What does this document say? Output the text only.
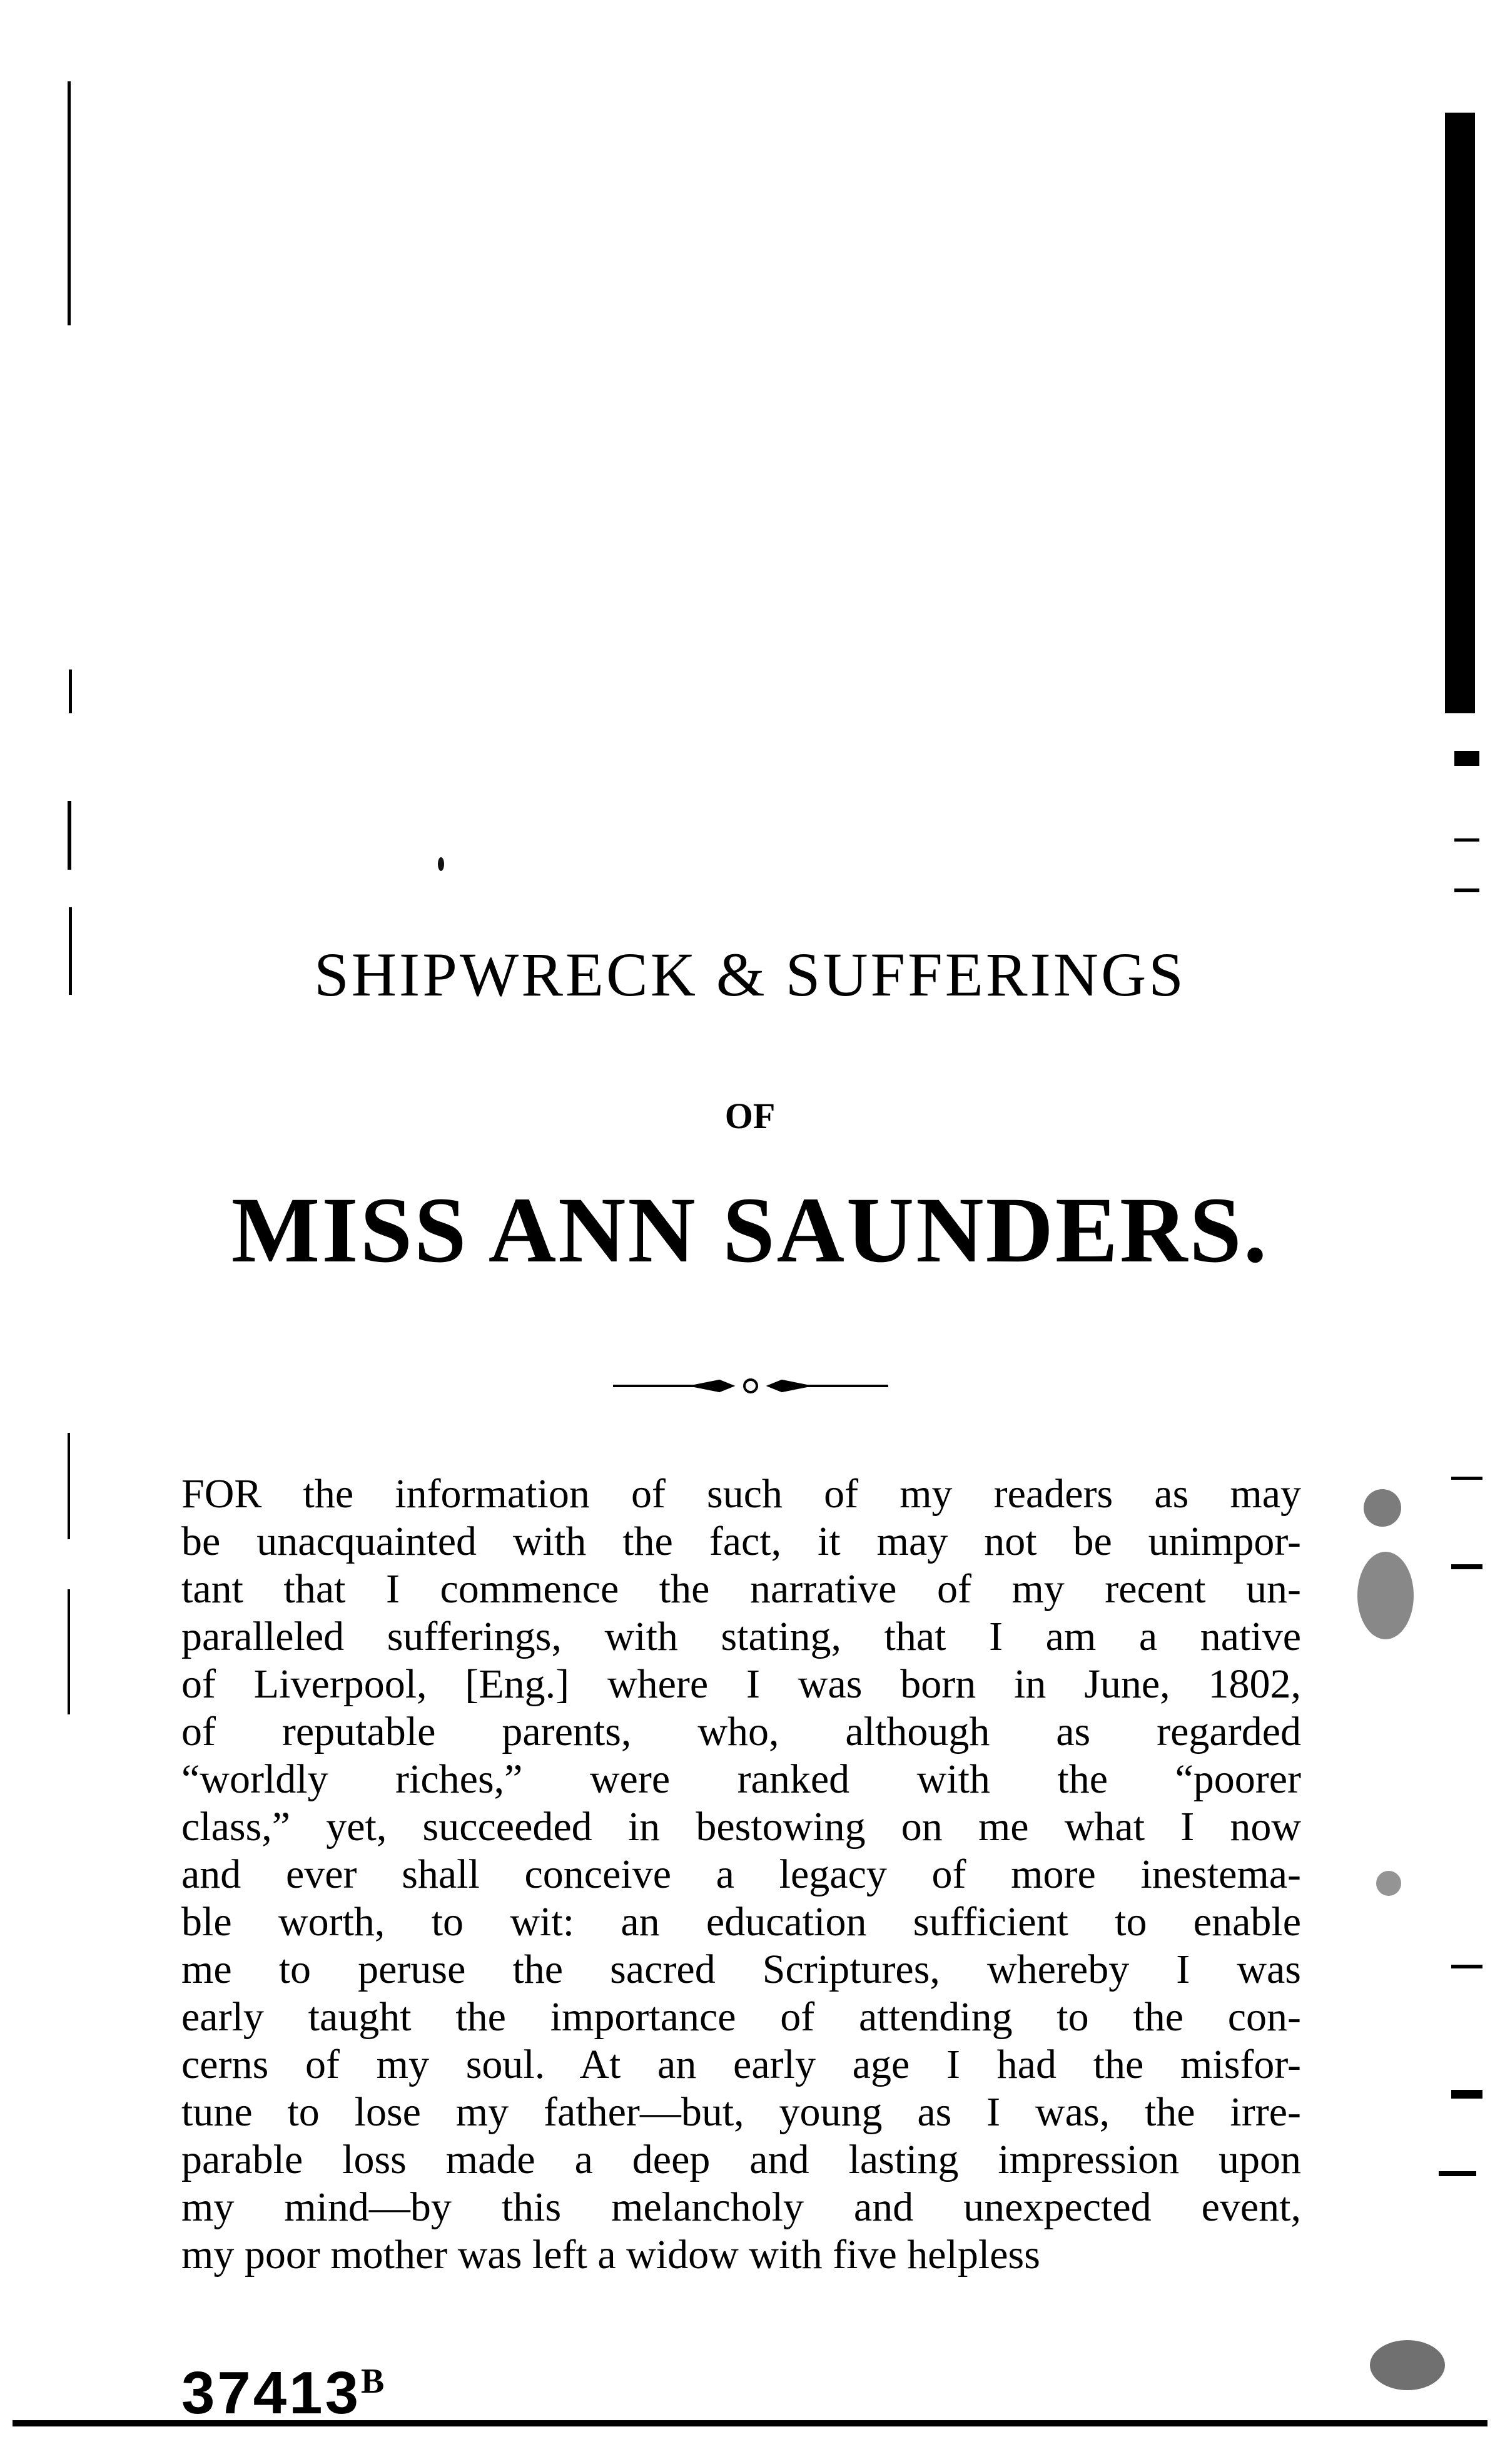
SHIPWRECK & SUFFERINGS
OF
MISS ANN SAUNDERS.
FOR the information of such of my readers as may
be unacquainted with the fact, it may not be unimpor-
tant that I commence the narrative of my recent un-
paralleled sufferings, with stating, that I am a native
of Liverpool, [Eng.] where I was born in June, 1802,
of reputable parents, who, although as regarded
“worldly riches,” were ranked with the “poorer
class,” yet, succeeded in bestowing on me what I now
and ever shall conceive a legacy of more inestema-
ble worth, to wit: an education sufficient to enable
me to peruse the sacred Scriptures, whereby I was
early taught the importance of attending to the con-
cerns of my soul. At an early age I had the misfor-
tune to lose my father—but, young as I was, the irre-
parable loss made a deep and lasting impression upon
my mind—by this melancholy and unexpected event,
my poor mother was left a widow with five helpless
$37413^B$
